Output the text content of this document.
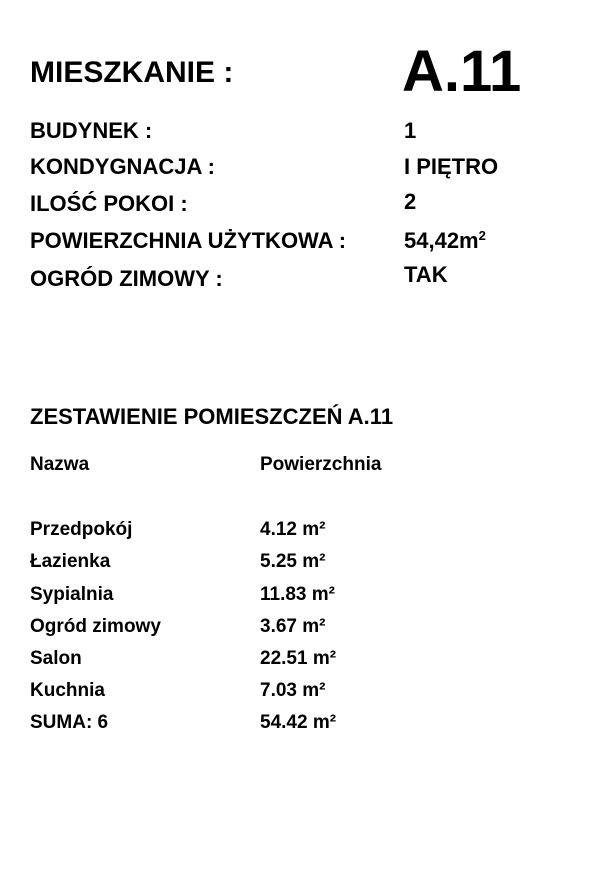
MIESZKANIE :	A.11
BUDYNEK :	1
KONDYGNACJA :	I PIĘTRO
ILOŚĆ POKOI :	2
POWIERZCHNIA UŻYTKOWA :	$54,42m^2$
OGRÓD ZIMOWY :	TAK
ZESTAWIENIE POMIESZCZEŃ A.11
Nazwa	Powierzchnia
Przedpokój	4.12 m²
Łazienka	5.25 m²
Sypialnia	11.83 m²
Ogród zimowy	3.67 m²
Salon	22.51 m²
Kuchnia	7.03 m²
SUMA: 6	54.42 m²
